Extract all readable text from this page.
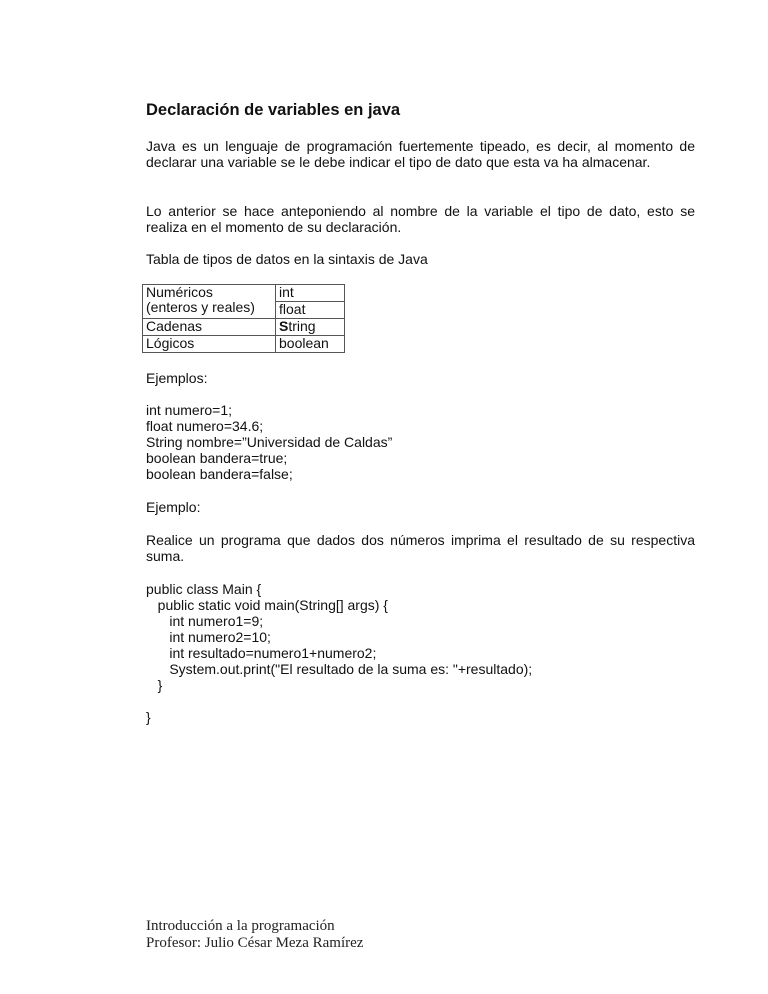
Declaración de variables en java

Java es un lenguaje de programación fuertemente tipeado, es decir, al momento de declarar una variable se le debe indicar el tipo de dato que esta va ha almacenar.

Lo anterior se hace anteponiendo al nombre de la variable el tipo de dato, esto se realiza en el momento de su declaración.

Tabla de tipos de datos en la sintaxis de Java

Numéricos
(enteros y reales)	int
	float
Cadenas	String
Lógicos	boolean

Ejemplos:

int numero=1;
float numero=34.6;
String nombre=”Universidad de Caldas”
boolean bandera=true;
boolean bandera=false;

Ejemplo:

Realice un programa que dados dos números imprima el resultado de su respectiva suma.

public class Main {
public static void main(String[] args) {
int numero1=9;
int numero2=10;
int resultado=numero1+numero2;
System.out.print("El resultado de la suma es: "+resultado);
}
}
Introducción a la programación
Profesor: Julio César Meza Ramírez
